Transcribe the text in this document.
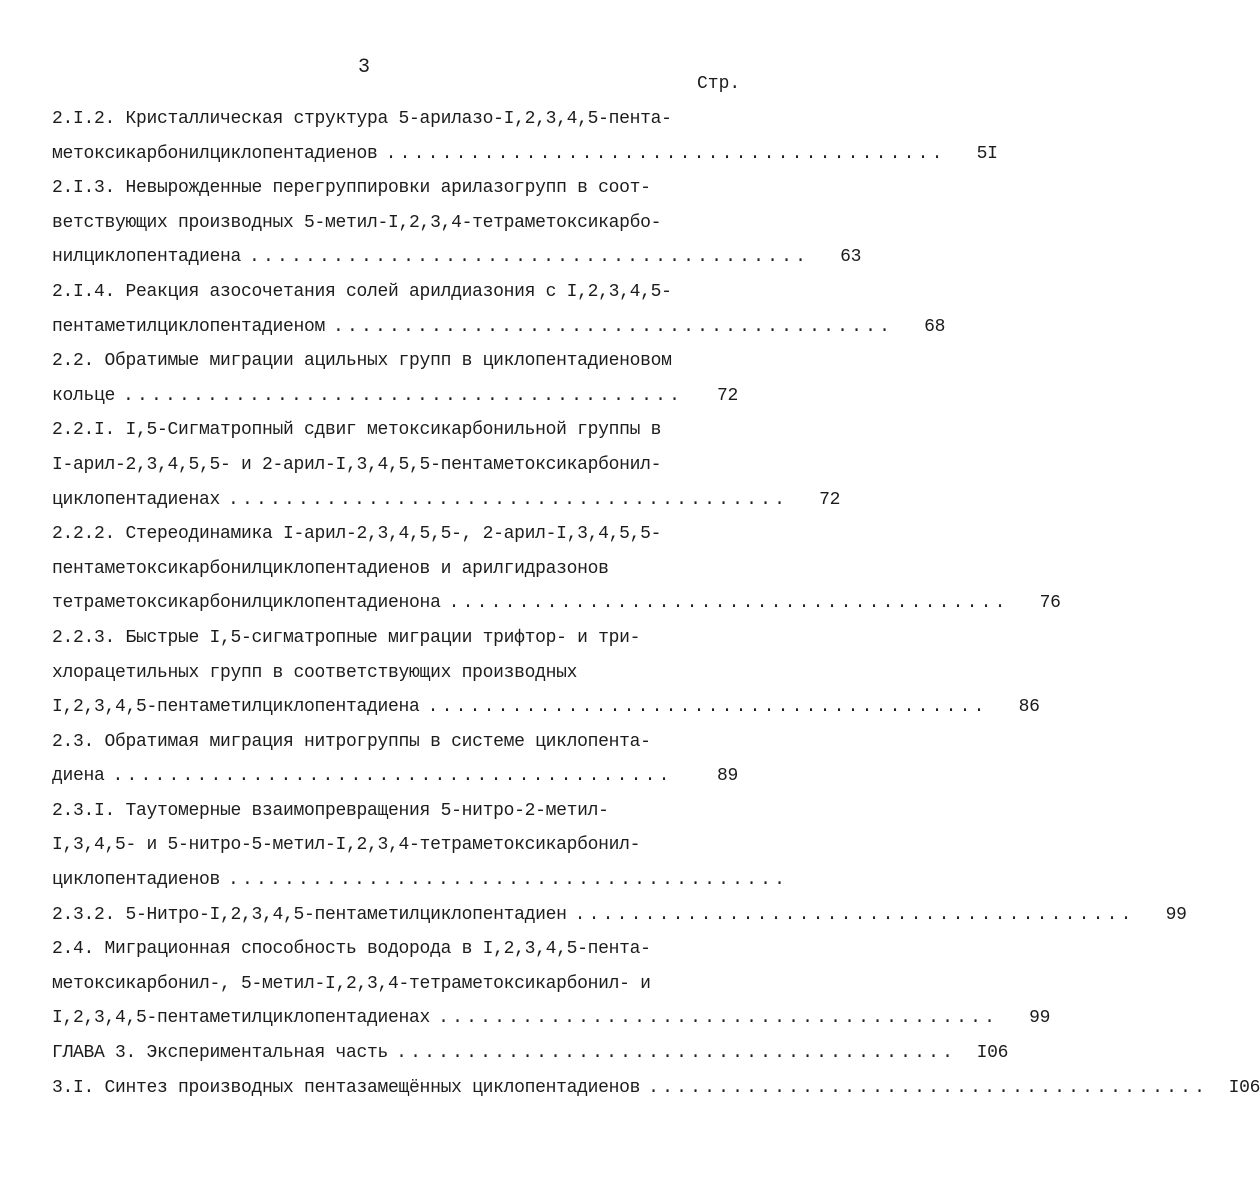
3
Стр.
2.I.2. Кристаллическая структура 5-арилазо-I,2,3,4,5-пента-
метоксикарбонилциклопентадиенов ........................................	5I
2.I.3. Невырожденные перегруппировки арилазогрупп в соот-
ветствующих производных 5-метил-I,2,3,4-тетраметоксикарбо-
нилциклопентадиена ........................................	63
2.I.4. Реакция азосочетания солей арилдиазония с I,2,3,4,5-
пентаметилциклопентадиеном ........................................	68
2.2. Обратимые миграции ацильных групп в циклопентадиеновом
кольце ........................................	72
2.2.I. I,5-Сигматропный сдвиг метоксикарбонильной группы в
I-арил-2,3,4,5,5- и 2-арил-I,3,4,5,5-пентаметоксикарбонил-
циклопентадиенах ........................................	72
2.2.2. Стереодинамика I-арил-2,3,4,5,5-, 2-арил-I,3,4,5,5-
пентаметоксикарбонилциклопентадиенов и арилгидразонов
тетраметоксикарбонилциклопентадиенона ........................................	76
2.2.3. Быстрые I,5-сигматропные миграции трифтор- и три-
хлорацетильных групп в соответствующих производных
I,2,3,4,5-пентаметилциклопентадиена ........................................	86
2.3. Обратимая миграция нитрогруппы в системе циклопента-
диена ........................................	89
2.3.I. Таутомерные взаимопревращения 5-нитро-2-метил-
I,3,4,5- и 5-нитро-5-метил-I,2,3,4-тетраметоксикарбонил-
циклопентадиенов ........................................
2.3.2. 5-Нитро-I,2,3,4,5-пентаметилциклопентадиен ........................................	99
2.4. Миграционная способность водорода в I,2,3,4,5-пента-
метоксикарбонил-, 5-метил-I,2,3,4-тетраметоксикарбонил- и
I,2,3,4,5-пентаметилциклопентадиенах ........................................	99
ГЛАВА 3. Экспериментальная часть ........................................	I06
3.I. Синтез производных пентазамещённых циклопентадиенов ........................................	I06
